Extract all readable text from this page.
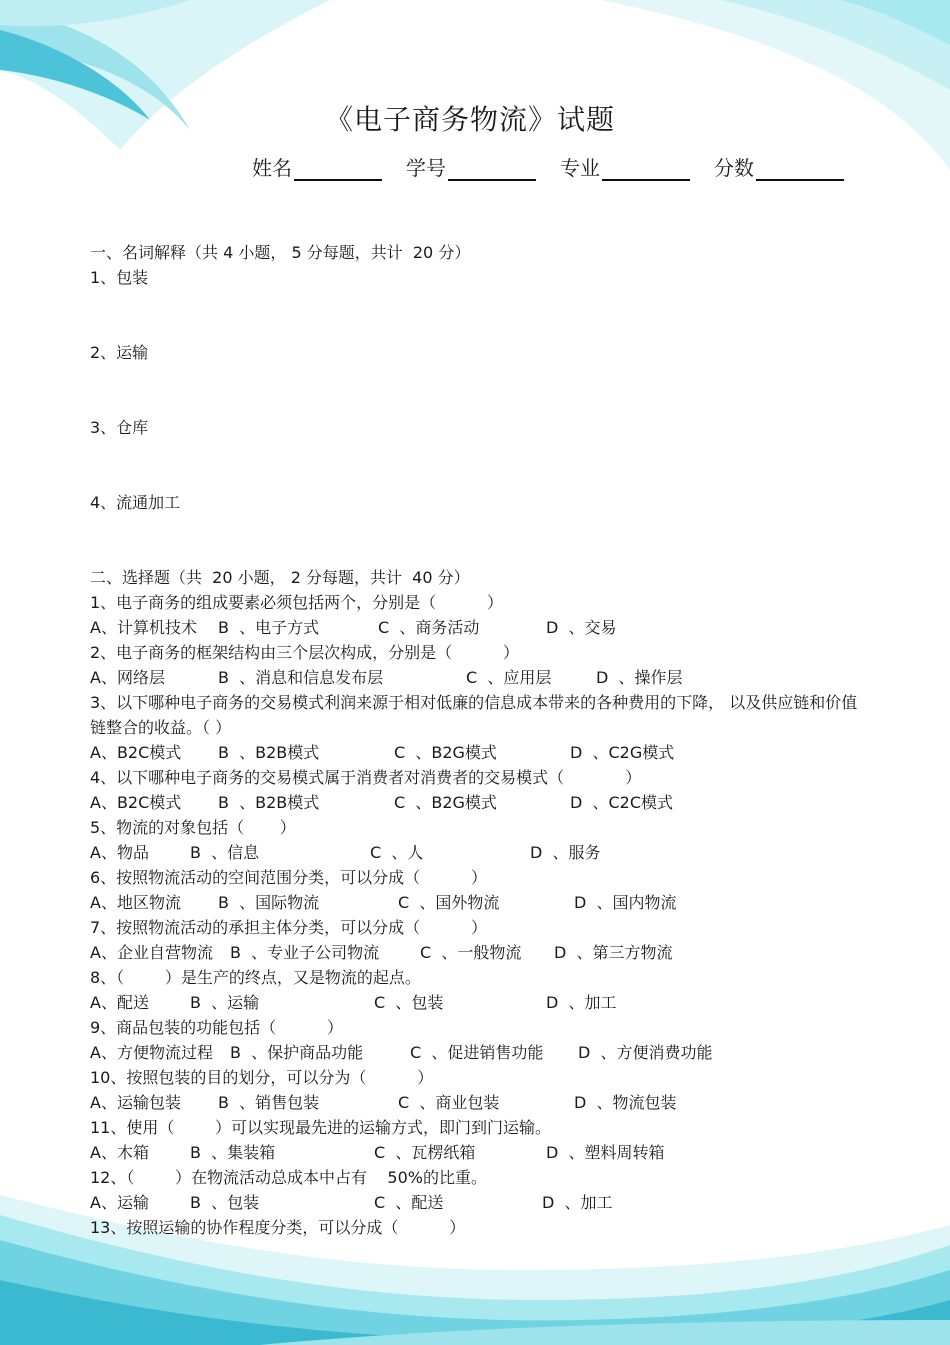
《电子商务物流》试题
姓名	学号	专业	分数
一、名词解释（共 4 小题， 5 分每题，共计  20 分）
1、包装
2、运输
3、仓库
4、流通加工
二、选择题（共  20 小题， 2 分每题，共计  40 分）
1、电子商务的组成要素必须包括两个，分别是（          ）
A、计算机技术	B  、电子方式	C  、商务活动	D  、交易
2、电子商务的框架结构由三个层次构成，分别是（          ）
A、网络层	B  、消息和信息发布层	C  、应用层	D  、操作层
3、以下哪种电子商务的交易模式利润来源于相对低廉的信息成本带来的各种费用的下降， 以及供应链和价值链整合的收益。（ ）
A、B2C模式	B  、B2B模式	C  、B2G模式	D  、C2G模式
4、以下哪种电子商务的交易模式属于消费者对消费者的交易模式（            ）
A、B2C模式	B  、B2B模式	C  、B2G模式	D  、C2C模式
5、物流的对象包括（       ）
A、物品	B  、信息	C  、人	D  、服务
6、按照物流活动的空间范围分类，可以分成（          ）
A、地区物流	B  、国际物流	C  、国外物流	D  、国内物流
7、按照物流活动的承担主体分类，可以分成（          ）
A、企业自营物流	B  、专业子公司物流	C  、一般物流	D  、第三方物流
8、（        ）是生产的终点，又是物流的起点。
A、配送	B  、运输	C  、包装	D  、加工
9、商品包装的功能包括（          ）
A、方便物流过程	B  、保护商品功能	C  、促进销售功能	D  、方便消费功能
10、按照包装的目的划分，可以分为（          ）
A、运输包装	B  、销售包装	C  、商业包装	D  、物流包装
11、使用（        ）可以实现最先进的运输方式，即门到门运输。
A、木箱	B  、集装箱	C  、瓦楞纸箱	D  、塑料周转箱
12、（        ）在物流活动总成本中占有    50%的比重。
A、运输	B  、包装	C  、配送	D  、加工
13、按照运输的协作程度分类，可以分成（          ）
